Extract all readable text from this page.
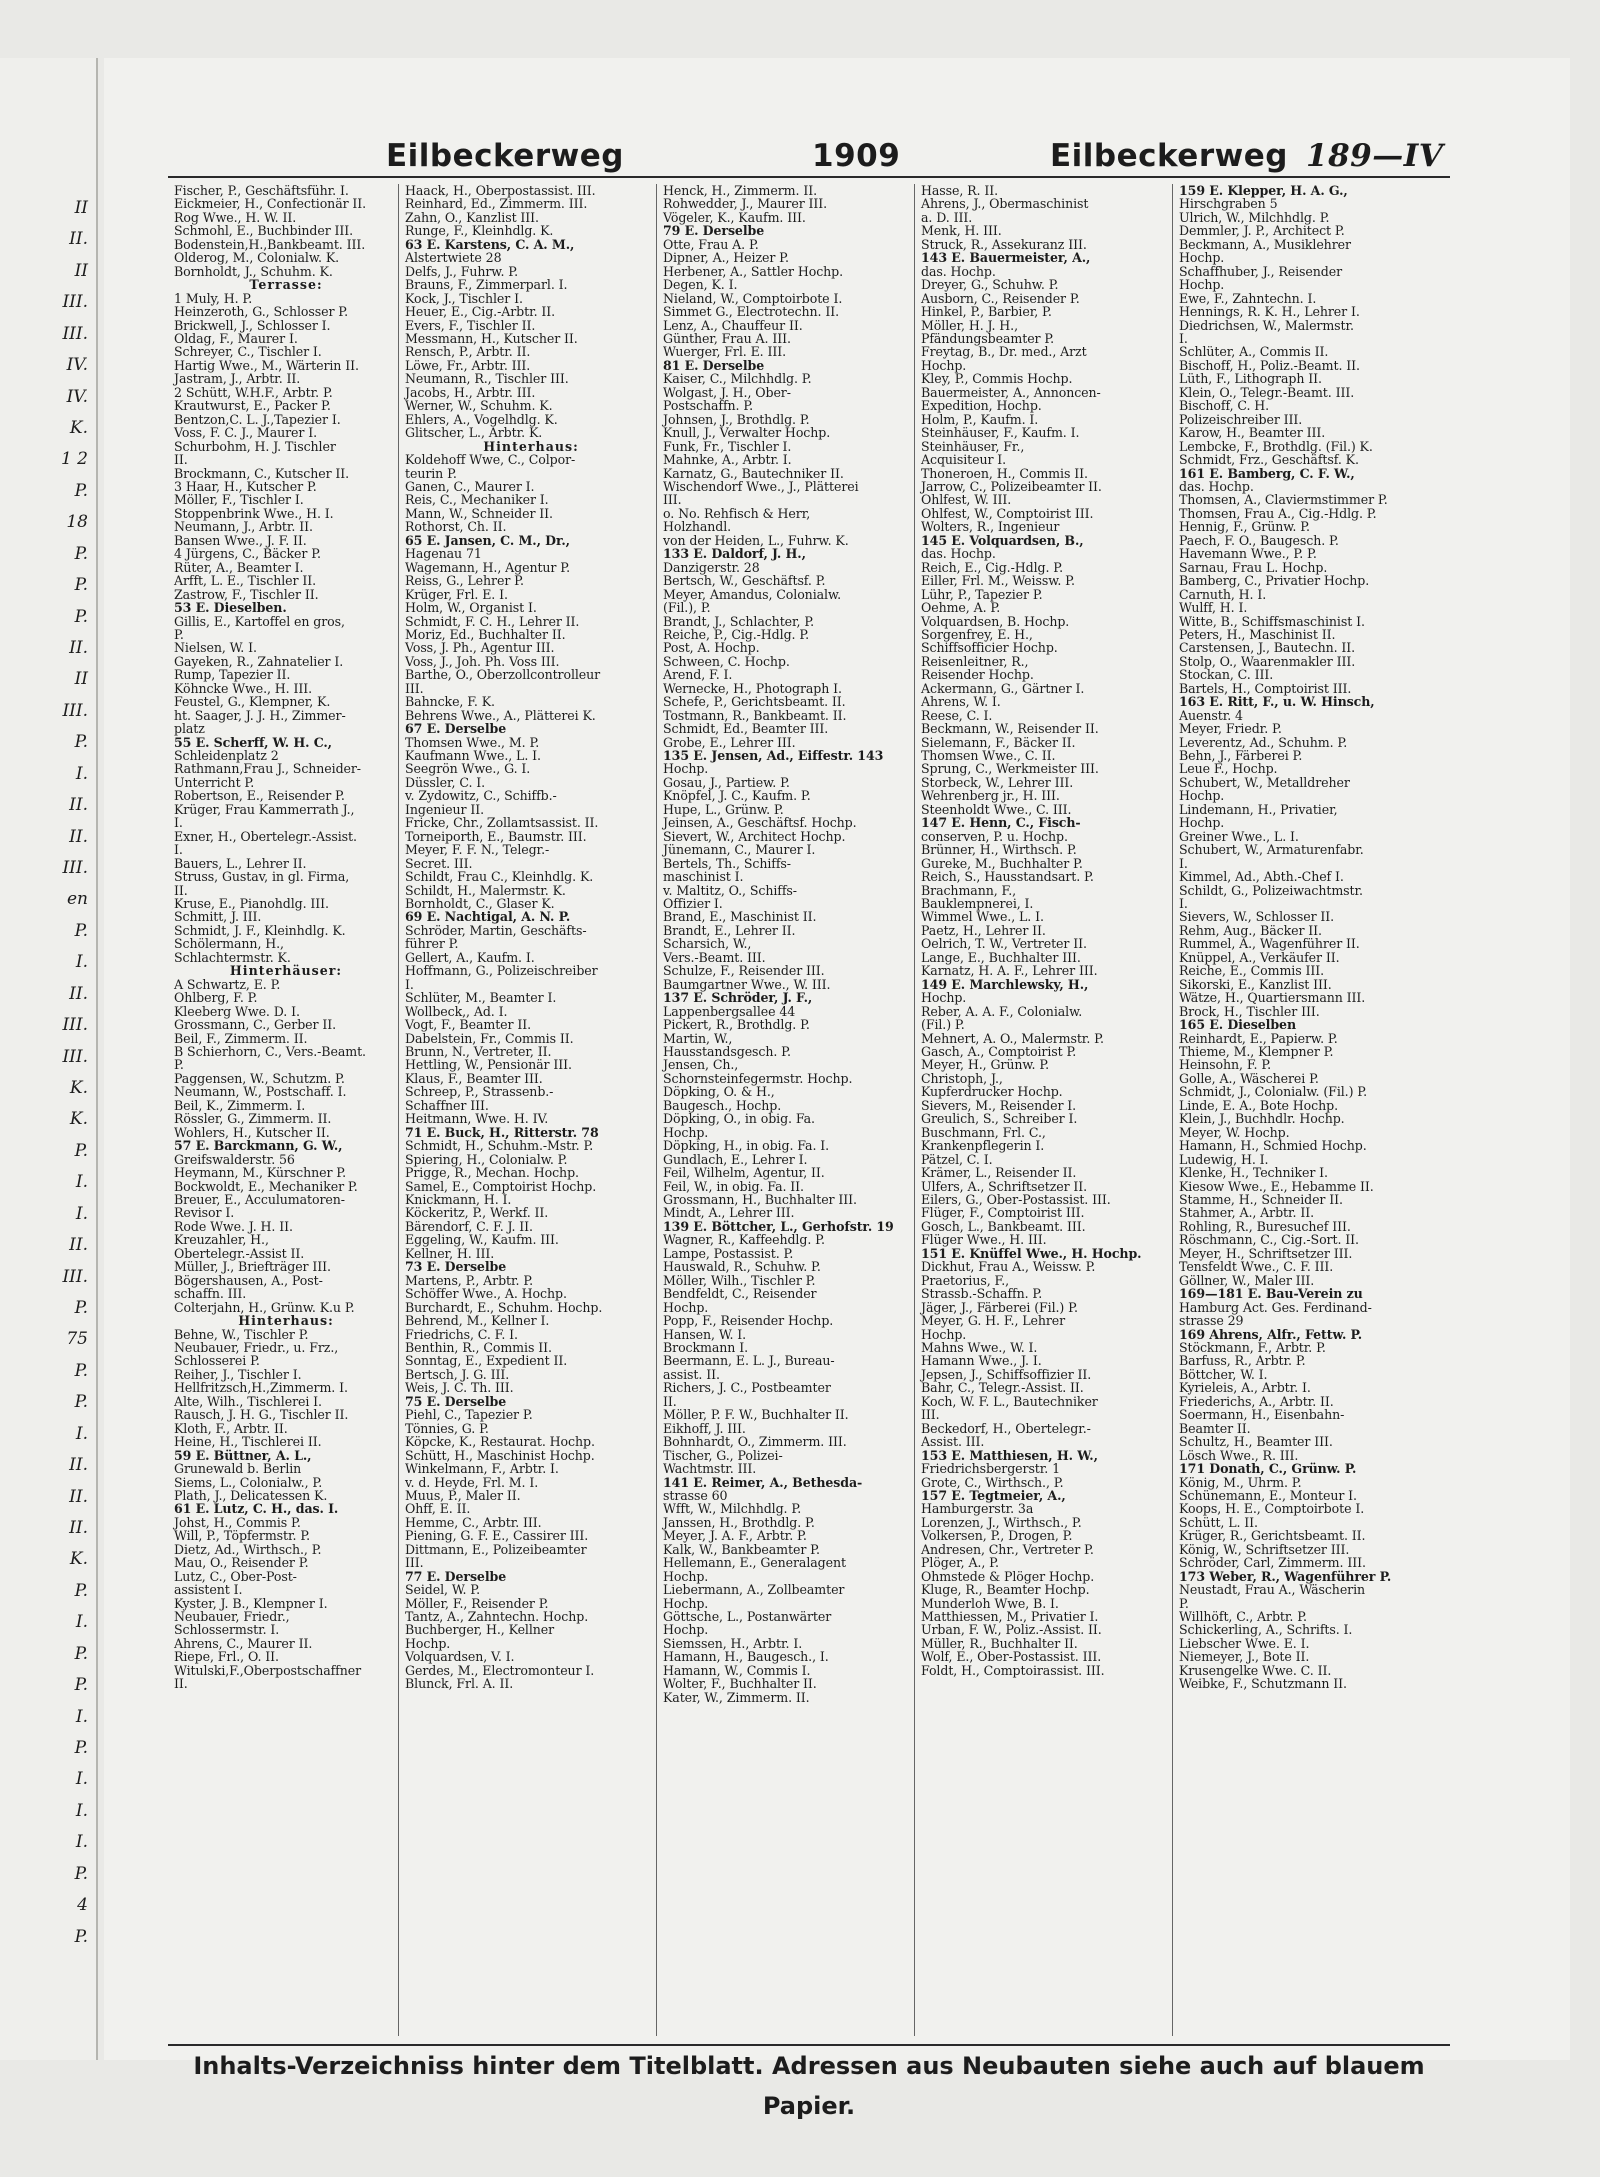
II
II.
II
III.
III.
IV.
IV.
K.
1 2
P.
18
P.
P.
P.
II.
II
III.
P.
I.
II.
II.
III.
en
P.
I.
II.
III.
III.
K.
K.
P.
I.
I.
II.
III.
P.
75
P.
P.
I.
II.
II.
II.
K.
P.
I.
P.
P.
I.
P.
I.
I.
I.
P.
4
P.
Eilbeckerweg	1909	Eilbeckerweg 189—IV
Fischer, P., Geschäftsführ. I.
Eickmeier, H., Confectionär II.
Rog Wwe., H. W. II.
Schmohl, E., Buchbinder III.
Bodenstein,H.,Bankbeamt. III.
Olderog, M., Colonialw. K.
Bornholdt, J., Schuhm. K.
Terrasse:
1 Muly, H. P.
Heinzeroth, G., Schlosser P.
Brickwell, J., Schlosser I.
Oldag, F., Maurer I.
Schreyer, C., Tischler I.
Hartig Wwe., M., Wärterin II.
Jastram, J., Arbtr. II.
2 Schütt, W.H.F., Arbtr. P.
Krautwurst, E., Packer P.
Bentzon,C. L. J.,Tapezier I.
Voss, F. C. J., Maurer I.
Schurbohm, H. J. Tischler
II.
Brockmann, C., Kutscher II.
3 Haar, H., Kutscher P.
Möller, F., Tischler I.
Stoppenbrink Wwe., H. I.
Neumann, J., Arbtr. II.
Bansen Wwe., J. F. II.
4 Jürgens, C., Bäcker P.
Rüter, A., Beamter I.
Arfft, L. E., Tischler II.
Zastrow, F., Tischler II.
53 E. Dieselben.
Gillis, E., Kartoffel en gros,
P.
Nielsen, W. I.
Gayeken, R., Zahnatelier I.
Rump, Tapezier II.
Köhncke Wwe., H. III.
Feustel, G., Klempner, K.
ht. Saager, J. J. H., Zimmer-
platz
55 E. Scherff, W. H. C.,
Schleidenplatz 2
Rathmann,Frau J., Schneider-
Unterricht P.
Robertson, E., Reisender P.
Krüger, Frau Kammerrath J.,
I.
Exner, H., Obertelegr.-Assist.
I.
Bauers, L., Lehrer II.
Struss, Gustav, in gl. Firma,
II.
Kruse, E., Pianohdlg. III.
Schmitt, J. III.
Schmidt, J. F., Kleinhdlg. K.
Schölermann, H.,
Schlachtermstr. K.
Hinterhäuser:
A Schwartz, E. P.
Ohlberg, F. P.
Kleeberg Wwe. D. I.
Grossmann, C., Gerber II.
Beil, F., Zimmerm. II.
B Schierhorn, C., Vers.-Beamt.
P.
Paggensen, W., Schutzm. P.
Neumann, W., Postschaff. I.
Beil, K., Zimmerm. I.
Rössler, G., Zimmerm. II.
Wohlers, H., Kutscher II.
57 E. Barckmann, G. W.,
Greifswalderstr. 56
Heymann, M., Kürschner P.
Bockwoldt, E., Mechaniker P.
Breuer, E., Acculumatoren-
Revisor I.
Rode Wwe. J. H. II.
Kreuzahler, H.,
Obertelegr.-Assist II.
Müller, J., Briefträger III.
Bögershausen, A., Post-
schaffn. III.
Colterjahn, H., Grünw. K.u P.
Hinterhaus:
Behne, W., Tischler P.
Neubauer, Friedr., u. Frz.,
Schlosserei P.
Reiher, J., Tischler I.
Hellfritzsch,H.,Zimmerm. I.
Alte, Wilh., Tischlerei I.
Rausch, J. H. G., Tischler II.
Kloth, F., Arbtr. II.
Heine, H., Tischlerei II.
59 E. Büttner, A. L.,
Grunewald b. Berlin
Siems, L., Colonialw., P.
Plath, J., Delicatessen K.
61 E. Lutz, C. H., das. I.
Johst, H., Commis P.
Will, P., Töpfermstr. P.
Dietz, Ad., Wirthsch., P.
Mau, O., Reisender P.
Lutz, C., Ober-Post-
assistent I.
Kyster, J. B., Klempner I.
Neubauer, Friedr.,
Schlossermstr. I.
Ahrens, C., Maurer II.
Riepe, Frl., O. II.
Witulski,F.,Oberpostschaffner
II.
Haack, H., Oberpostassist. III.
Reinhard, Ed., Zimmerm. III.
Zahn, O., Kanzlist III.
Runge, F., Kleinhdlg. K.
63 E. Karstens, C. A. M.,
Alstertwiete 28
Delfs, J., Fuhrw. P.
Brauns, F., Zimmerparl. I.
Kock, J., Tischler I.
Heuer, E., Cig.-Arbtr. II.
Evers, F., Tischler II.
Messmann, H., Kutscher II.
Rensch, P., Arbtr. II.
Löwe, Fr., Arbtr. III.
Neumann, R., Tischler III.
Jacobs, H., Arbtr. III.
Werner, W., Schuhm. K.
Ehlers, A., Vogelhdlg. K.
Glitscher, L., Arbtr. K.
Hinterhaus:
Koldehoff Wwe, C., Colpor-
teurin P.
Ganen, C., Maurer I.
Reis, C., Mechaniker I.
Mann, W., Schneider II.
Rothorst, Ch. II.
65 E. Jansen, C. M., Dr.,
Hagenau 71
Wagemann, H., Agentur P.
Reiss, G., Lehrer P.
Krüger, Frl. E. I.
Holm, W., Organist I.
Schmidt, F. C. H., Lehrer II.
Moriz, Ed., Buchhalter II.
Voss, J. Ph., Agentur III.
Voss, J., Joh. Ph. Voss III.
Barthe, O., Oberzollcontrolleur
III.
Bahncke, F. K.
Behrens Wwe., A., Plätterei K.
67 E. Derselbe
Thomsen Wwe., M. P.
Kaufmann Wwe., L. I.
Seegrön Wwe., G. I.
Düssler, C. I.
v. Zydowitz, C., Schiffb.-
Ingenieur II.
Fricke, Chr., Zollamtsassist. II.
Torneiporth, E., Baumstr. III.
Meyer, F. F. N., Telegr.-
Secret. III.
Schildt, Frau C., Kleinhdlg. K.
Schildt, H., Malermstr. K.
Bornholdt, C., Glaser K.
69 E. Nachtigal, A. N. P.
Schröder, Martin, Geschäfts-
führer P.
Gellert, A., Kaufm. I.
Hoffmann, G., Polizeischreiber
I.
Schlüter, M., Beamter I.
Wollbeck,, Ad. I.
Vogt, F., Beamter II.
Dabelstein, Fr., Commis II.
Brunn, N., Vertreter, II.
Hettling, W., Pensionär III.
Klaus, F., Beamter III.
Schreep, P., Strassenb.-
Schaffner III.
Heitmann, Wwe. H. IV.
71 E. Buck, H., Ritterstr. 78
Schmidt, H., Schuhm.-Mstr. P.
Spiering, H., Colonialw. P.
Prigge, R., Mechan. Hochp.
Samel, E., Comptoirist Hochp.
Knickmann, H. I.
Köckeritz, P., Werkf. II.
Bärendorf, C. F. J. II.
Eggeling, W., Kaufm. III.
Kellner, H. III.
73 E. Derselbe
Martens, P., Arbtr. P.
Schöffer Wwe., A. Hochp.
Burchardt, E., Schuhm. Hochp.
Behrend, M., Kellner I.
Friedrichs, C. F. I.
Benthin, R., Commis II.
Sonntag, E., Expedient II.
Bertsch, J. G. III.
Weis, J. C. Th. III.
75 E. Derselbe
Piehl, C., Tapezier P.
Tönnies, G. P.
Köpcke, K., Restaurat. Hochp.
Schütt, H., Maschinist Hochp.
Winkelmann, F., Arbtr. I.
v. d. Heyde, Frl. M. I.
Muus, P., Maler II.
Ohff, E. II.
Hemme, C., Arbtr. III.
Piening, G. F. E., Cassirer III.
Dittmann, E., Polizeibeamter
III.
77 E. Derselbe
Seidel, W. P.
Möller, F., Reisender P.
Tantz, A., Zahntechn. Hochp.
Buchberger, H., Kellner
Hochp.
Volquardsen, V. I.
Gerdes, M., Electromonteur I.
Blunck, Frl. A. II.
Henck, H., Zimmerm. II.
Rohwedder, J., Maurer III.
Vögeler, K., Kaufm. III.
79 E. Derselbe
Otte, Frau A. P.
Dipner, A., Heizer P.
Herbener, A., Sattler Hochp.
Degen, K. I.
Nieland, W., Comptoirbote I.
Simmet G., Electrotechn. II.
Lenz, A., Chauffeur II.
Günther, Frau A. III.
Wuerger, Frl. E. III.
81 E. Derselbe
Kaiser, C., Milchhdlg. P.
Wolgast, J. H., Ober-
Postschaffn. P.
Johnsen, J., Brothdlg. P.
Knull, J., Verwalter Hochp.
Funk, Fr., Tischler I.
Mahnke, A., Arbtr. I.
Karnatz, G., Bautechniker II.
Wischendorf Wwe., J., Plätterei
III.
o. No. Rehfisch & Herr,
Holzhandl.
von der Heiden, L., Fuhrw. K.
133 E. Daldorf, J. H.,
Danzigerstr. 28
Bertsch, W., Geschäftsf. P.
Meyer, Amandus, Colonialw.
(Fil.), P.
Brandt, J., Schlachter, P.
Reiche, P., Cig.-Hdlg. P.
Post, A. Hochp.
Schween, C. Hochp.
Arend, F. I.
Wernecke, H., Photograph I.
Schefe, P., Gerichtsbeamt. II.
Tostmann, R., Bankbeamt. II.
Schmidt, Ed., Beamter III.
Grobe, E., Lehrer III.
135 E. Jensen, Ad., Eiffestr. 143
Hochp.
Gosau, J., Partiew. P.
Knöpfel, J. C., Kaufm. P.
Hupe, L., Grünw. P.
Jeinsen, A., Geschäftsf. Hochp.
Sievert, W., Architect Hochp.
Jünemann, C., Maurer I.
Bertels, Th., Schiffs-
maschinist I.
v. Maltitz, O., Schiffs-
Offizier I.
Brand, E., Maschinist II.
Brandt, E., Lehrer II.
Scharsich, W.,
Vers.-Beamt. III.
Schulze, F., Reisender III.
Baumgartner Wwe., W. III.
137 E. Schröder, J. F.,
Lappenbergsallee 44
Pickert, R., Brothdlg. P.
Martin, W.,
Hausstandsgesch. P.
Jensen, Ch.,
Schornsteinfegermstr. Hochp.
Döpking, O. & H.,
Baugesch., Hochp.
Döpking, O., in obig. Fa.
Hochp.
Döpking, H., in obig. Fa. I.
Gundlach, E., Lehrer I.
Feil, Wilhelm, Agentur, II.
Feil, W., in obig. Fa. II.
Grossmann, H., Buchhalter III.
Mindt, A., Lehrer III.
139 E. Böttcher, L., Gerhofstr. 19
Wagner, R., Kaffeehdlg. P.
Lampe, Postassist. P.
Hauswald, R., Schuhw. P.
Möller, Wilh., Tischler P.
Bendfeldt, C., Reisender
Hochp.
Popp, F., Reisender Hochp.
Hansen, W. I.
Brockmann I.
Beermann, E. L. J., Bureau-
assist. II.
Richers, J. C., Postbeamter
II.
Möller, P. F. W., Buchhalter II.
Eikhoff, J. III.
Bohnhardt, O., Zimmerm. III.
Tischer, G., Polizei-
Wachtmstr. III.
141 E. Reimer, A., Bethesda-
strasse 60
Wfft, W., Milchhdlg. P.
Janssen, H., Brothdlg. P.
Meyer, J. A. F., Arbtr. P.
Kalk, W., Bankbeamter P.
Hellemann, E., Generalagent
Hochp.
Liebermann, A., Zollbeamter
Hochp.
Göttsche, L., Postanwärter
Hochp.
Siemssen, H., Arbtr. I.
Hamann, H., Baugesch., I.
Hamann, W., Commis I.
Wolter, F., Buchhalter II.
Kater, W., Zimmerm. II.
Hasse, R. II.
Ahrens, J., Obermaschinist
a. D. III.
Menk, H. III.
Struck, R., Assekuranz III.
143 E. Bauermeister, A.,
das. Hochp.
Dreyer, G., Schuhw. P.
Ausborn, C., Reisender P.
Hinkel, P., Barbier, P.
Möller, H. J. H.,
Pfändungsbeamter P.
Freytag, B., Dr. med., Arzt
Hochp.
Kley, P., Commis Hochp.
Bauermeister, A., Annoncen-
Expedition, Hochp.
Holm, P., Kaufm. I.
Steinhäuser, F., Kaufm. I.
Steinhäuser, Fr.,
Acquisiteur I.
Thoneroen, H., Commis II.
Jarrow, C., Polizeibeamter II.
Ohlfest, W. III.
Ohlfest, W., Comptoirist III.
Wolters, R., Ingenieur
145 E. Volquardsen, B.,
das. Hochp.
Reich, E., Cig.-Hdlg. P.
Eiller, Frl. M., Weissw. P.
Lühr, P., Tapezier P.
Oehme, A. P.
Volquardsen, B. Hochp.
Sorgenfrey, E. H.,
Schiffsofficier Hochp.
Reisenleitner, R.,
Reisender Hochp.
Ackermann, G., Gärtner I.
Ahrens, W. I.
Reese, C. I.
Beckmann, W., Reisender II.
Sielemann, F., Bäcker II.
Thomsen Wwe., C. II.
Sprung, C., Werkmeister III.
Storbeck, W., Lehrer III.
Wehrenberg jr., H. III.
Steenholdt Wwe., C. III.
147 E. Henn, C., Fisch-
conserven, P. u. Hochp.
Brünner, H., Wirthsch. P.
Gureke, M., Buchhalter P.
Reich, S., Hausstandsart. P.
Brachmann, F.,
Bauklempnerei, I.
Wimmel Wwe., L. I.
Paetz, H., Lehrer II.
Oelrich, T. W., Vertreter II.
Lange, E., Buchhalter III.
Karnatz, H. A. F., Lehrer III.
149 E. Marchlewsky, H.,
Hochp.
Reber, A. A. F., Colonialw.
(Fil.) P.
Mehnert, A. O., Malermstr. P.
Gasch, A., Comptoirist P.
Meyer, H., Grünw. P.
Christoph, J.,
Kupferdrucker Hochp.
Sievers, M., Reisender I.
Greulich, S., Schreiber I.
Buschmann, Frl. C.,
Krankenpflegerin I.
Pätzel, C. I.
Krämer, L., Reisender II.
Ulfers, A., Schriftsetzer II.
Eilers, G., Ober-Postassist. III.
Flüger, F., Comptoirist III.
Gosch, L., Bankbeamt. III.
Flüger Wwe., H. III.
151 E. Knüffel Wwe., H. Hochp.
Dickhut, Frau A., Weissw. P.
Praetorius, F.,
Strassb.-Schaffn. P.
Jäger, J., Färberei (Fil.) P.
Meyer, G. H. F., Lehrer
Hochp.
Mahns Wwe., W. I.
Hamann Wwe., J. I.
Jepsen, J., Schiffsoffizier II.
Bahr, C., Telegr.-Assist. II.
Koch, W. F. L., Bautechniker
III.
Beckedorf, H., Obertelegr.-
Assist. III.
153 E. Matthiesen, H. W.,
Friedrichsbergerstr. 1
Grote, C., Wirthsch., P.
157 E. Tegtmeier, A.,
Hamburgerstr. 3a
Lorenzen, J., Wirthsch., P.
Volkersen, P., Drogen, P.
Andresen, Chr., Vertreter P.
Plöger, A., P.
Ohmstede & Plöger Hochp.
Kluge, R., Beamter Hochp.
Munderloh Wwe, B. I.
Matthiessen, M., Privatier I.
Urban, F. W., Poliz.-Assist. II.
Müller, R., Buchhalter II.
Wolf, E., Ober-Postassist. III.
Foldt, H., Comptoirassist. III.
159 E. Klepper, H. A. G.,
Hirschgraben 5
Ulrich, W., Milchhdlg. P.
Demmler, J. P., Architect P.
Beckmann, A., Musiklehrer
Hochp.
Schaffhuber, J., Reisender
Hochp.
Ewe, F., Zahntechn. I.
Hennings, R. K. H., Lehrer I.
Diedrichsen, W., Malermstr.
I.
Schlüter, A., Commis II.
Bischoff, H., Poliz.-Beamt. II.
Lüth, F., Lithograph II.
Klein, O., Telegr.-Beamt. III.
Bischoff, C. H.
Polizeischreiber III.
Karow, H., Beamter III.
Lembcke, F., Brothdlg. (Fil.) K.
Schmidt, Frz., Geschäftsf. K.
161 E. Bamberg, C. F. W.,
das. Hochp.
Thomsen, A., Claviermstimmer P.
Thomsen, Frau A., Cig.-Hdlg. P.
Hennig, F., Grünw. P.
Paech, F. O., Baugesch. P.
Havemann Wwe., P. P.
Sarnau, Frau L. Hochp.
Bamberg, C., Privatier Hochp.
Carnuth, H. I.
Wulff, H. I.
Witte, B., Schiffsmaschinist I.
Peters, H., Maschinist II.
Carstensen, J., Bautechn. II.
Stolp, O., Waarenmakler III.
Stockan, C. III.
Bartels, H., Comptoirist III.
163 E. Ritt, F., u. W. Hinsch,
Auenstr. 4
Meyer, Friedr. P.
Leverentz, Ad., Schuhm. P.
Behn, J., Färberei P.
Leue F., Hochp.
Schubert, W., Metalldreher
Hochp.
Lindemann, H., Privatier,
Hochp.
Greiner Wwe., L. I.
Schubert, W., Armaturenfabr.
I.
Kimmel, Ad., Abth.-Chef I.
Schildt, G., Polizeiwachtmstr.
I.
Sievers, W., Schlosser II.
Rehm, Aug., Bäcker II.
Rummel, A., Wagenführer II.
Knüppel, A., Verkäufer II.
Reiche, E., Commis III.
Sikorski, E., Kanzlist III.
Wätze, H., Quartiersmann III.
Brock, H., Tischler III.
165 E. Dieselben
Reinhardt, E., Papierw. P.
Thieme, M., Klempner P.
Heinsohn, F. P.
Golle, A., Wäscherei P.
Schmidt, J., Colonialw. (Fil.) P.
Linde, E. A., Bote Hochp.
Klein, J., Buchhdlr. Hochp.
Meyer, W. Hochp.
Hamann, H., Schmied Hochp.
Ludewig, H. I.
Klenke, H., Techniker I.
Kiesow Wwe., E., Hebamme II.
Stamme, H., Schneider II.
Stahmer, A., Arbtr. II.
Rohling, R., Buresuchef III.
Röschmann, C., Cig.-Sort. II.
Meyer, H., Schriftsetzer III.
Tensfeldt Wwe., C. F. III.
Göllner, W., Maler III.
169—181 E. Bau-Verein zu
Hamburg Act. Ges. Ferdinand-
strasse 29
169 Ahrens, Alfr., Fettw. P.
Stöckmann, F., Arbtr. P.
Barfuss, R., Arbtr. P.
Böttcher, W. I.
Kyrieleis, A., Arbtr. I.
Friederichs, A., Arbtr. II.
Soermann, H., Eisenbahn-
Beamter II.
Schultz, H., Beamter III.
Lösch Wwe., R. III.
171 Donath, C., Grünw. P.
König, M., Uhrm. P.
Schünemann, E., Monteur I.
Koops, H. E., Comptoirbote I.
Schütt, L. II.
Krüger, R., Gerichtsbeamt. II.
König, W., Schriftsetzer III.
Schröder, Carl, Zimmerm. III.
173 Weber, R., Wagenführer P.
Neustadt, Frau A., Wäscherin
P.
Willhöft, C., Arbtr. P.
Schickerling, A., Schrifts. I.
Liebscher Wwe. E. I.
Niemeyer, J., Bote II.
Krusengelke Wwe. C. II.
Weibke, F., Schutzmann II.
Inhalts-Verzeichniss hinter dem Titelblatt. Adressen aus Neubauten siehe auch auf blauem Papier.
